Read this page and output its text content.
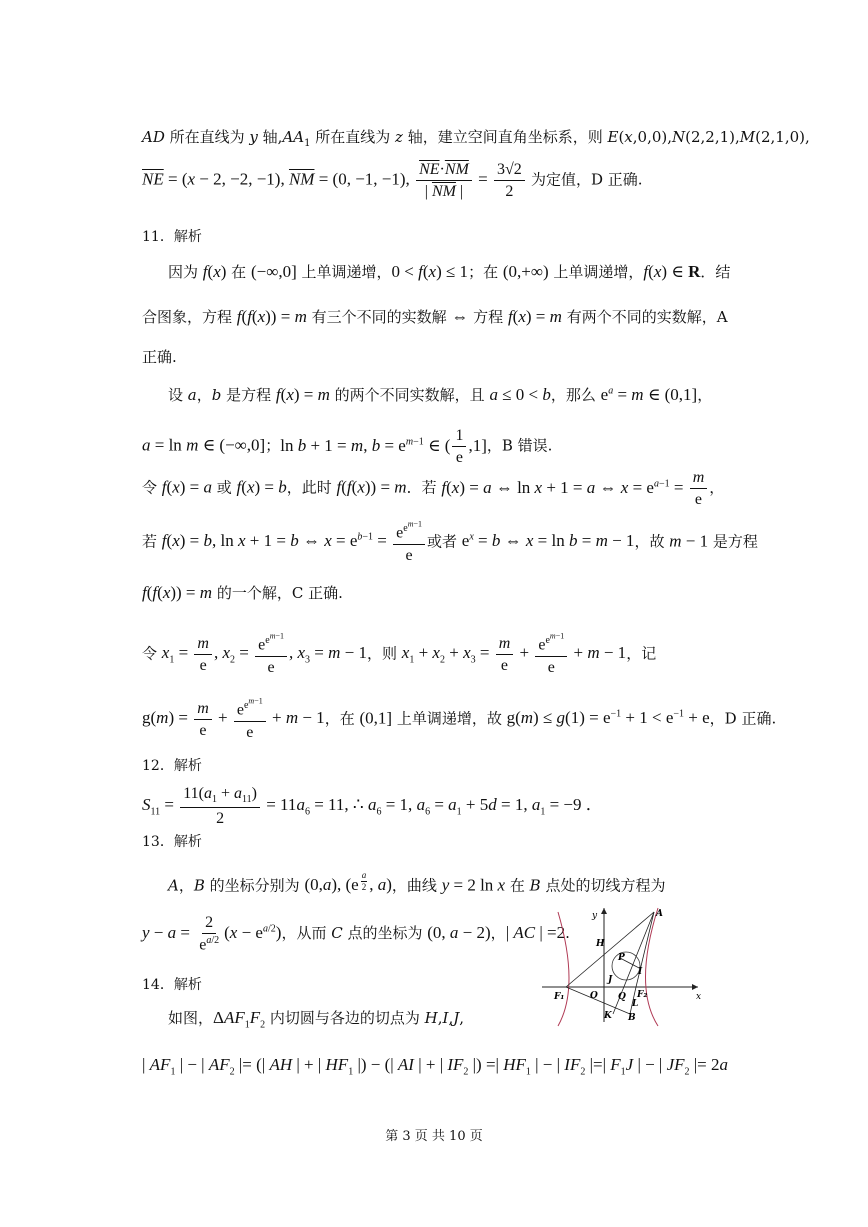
AD 所在直线为 y 轴$,AA_1$ 所在直线为 z 轴，建立空间直角坐标系，则 E(x,0,0),N(2,2,1),M(2,1,0),
$\overline{NE} = (x - 2$, −2, −1), $\overline{NM} = (0$, −1, −1), $\frac{\overline{NE}\cdot\overline{NM}}{| \overline{NM} |} = \frac{3√2}{2}$ 为定值，D 正确.
11．解析
因为 f(x) 在 (−∞,0] 上单调递增，0 < f(x) ≤ 1；在 (0,+∞) 上单调递增，f(x) ∈ R．结
合图象，方程 f(f(x)) = m 有三个不同的实数解 ⇔ 方程 f(x) = m 有两个不同的实数解，A
正确.
设 a，b 是方程 f(x) = m 的两个不同实数解，且 a ≤ 0 < b，那么 $e^a = m$ ∈ (0,1]，
a = ln m ∈ (−∞,0]；ln b + 1 = m, $b = e^{m-1}$ ∈ ( $\frac{1}{e} ,1$]，B 错误.
令 f(x) = a 或 f(x) = b，此时 f(f(x)) = m．若 f(x) = a ⇔ ln x + 1 = a ⇔ $x = e^{a-1} = \frac{m}{e}$ ，
若 f(x) = b, ln x + 1 = b ⇔ $x = e^{b-1} = \frac{e^{e^{m-1}}}{e}$ 或者 $e^x = b$ ⇔ x = ln b = m − 1，故 m − 1 是方程
f(f(x)) = m 的一个解，C 正确.
令 $x_1 = \frac{m}{e}$ , $x_2 = \frac{e^{e^{m-1}}}{e}$ , $x_3 = m - 1$，则 $x_1 + x_2 + x_3 = \frac{m}{e} + \frac{e^{e^{m-1}}}{e} + m - 1$，记
$g(m) = \frac{m}{e} + \frac{e^{e^{m-1}}}{e} + m - 1$，在 (0,1] 上单调递增，故 $g(m) \le g(1) = e^{-1} + 1 < e^{-1} + e$，D 正确.
12．解析
$S_{11} = \frac{11(a_1 + a_{11})}{2} = 11a_6 = 11$, ∴ $a_6 = 1$, $a_6 = a_1 + 5d = 1$, $a_1 = -9$ ．
13．解析
A，B 的坐标分别为 (0,a), (e $^{\frac{a}{2}}$ , a)，曲线 y = 2 ln x 在 B 点处的切线方程为
$y - a = \frac{2}{e^{a/2}} (x - e^{a/2})$，从而 C 点的坐标为 (0, a − 2)，| AC | =2.
14．解析
如图，$\Delta AF_1F_2$ 内切圆与各边的切点为 H,I,J,
| $AF_1$ | − | $AF_2$ |= (| AH | + | $HF_1$ |) − (| AI | + | $IF_2$ |) =| $HF_1$ | − | $IF_2$ |=| $F_1J$ | − | $JF_2$ |= 2a
y	A
H
P
I
J
F₁	O Q F₂	x
L
K B
第 3 页 共 10 页
